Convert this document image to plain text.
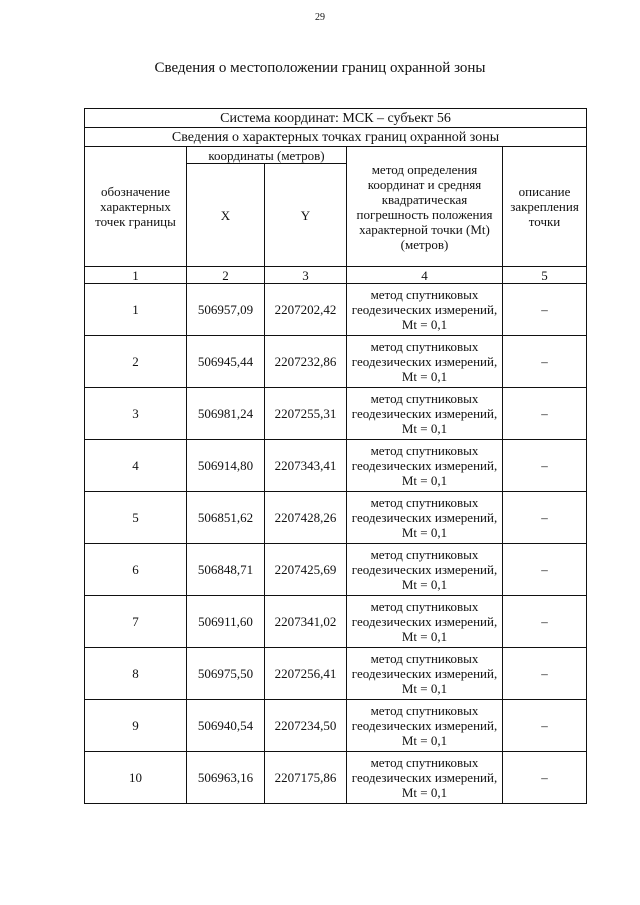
29
Сведения о местоположении границ охранной зоны
Система координат: МСК – субъект 56				
Сведения о характерных точках границ охранной зоны				
обозначение характерных точек границы	координаты (метров)		метод определения координат и средняя квадратическая погрешность положения характерной точки (Mt) (метров)	описание закрепления точки
	X	Y		
1	2	3	4	5
1	506957,09	2207202,42	метод спутниковых геодезических измерений, Mt = 0,1	–
2	506945,44	2207232,86	метод спутниковых геодезических измерений, Mt = 0,1	–
3	506981,24	2207255,31	метод спутниковых геодезических измерений, Mt = 0,1	–
4	506914,80	2207343,41	метод спутниковых геодезических измерений, Mt = 0,1	–
5	506851,62	2207428,26	метод спутниковых геодезических измерений, Mt = 0,1	–
6	506848,71	2207425,69	метод спутниковых геодезических измерений, Mt = 0,1	–
7	506911,60	2207341,02	метод спутниковых геодезических измерений, Mt = 0,1	–
8	506975,50	2207256,41	метод спутниковых геодезических измерений, Mt = 0,1	–
9	506940,54	2207234,50	метод спутниковых геодезических измерений, Mt = 0,1	–
10	506963,16	2207175,86	метод спутниковых геодезических измерений, Mt = 0,1	–
